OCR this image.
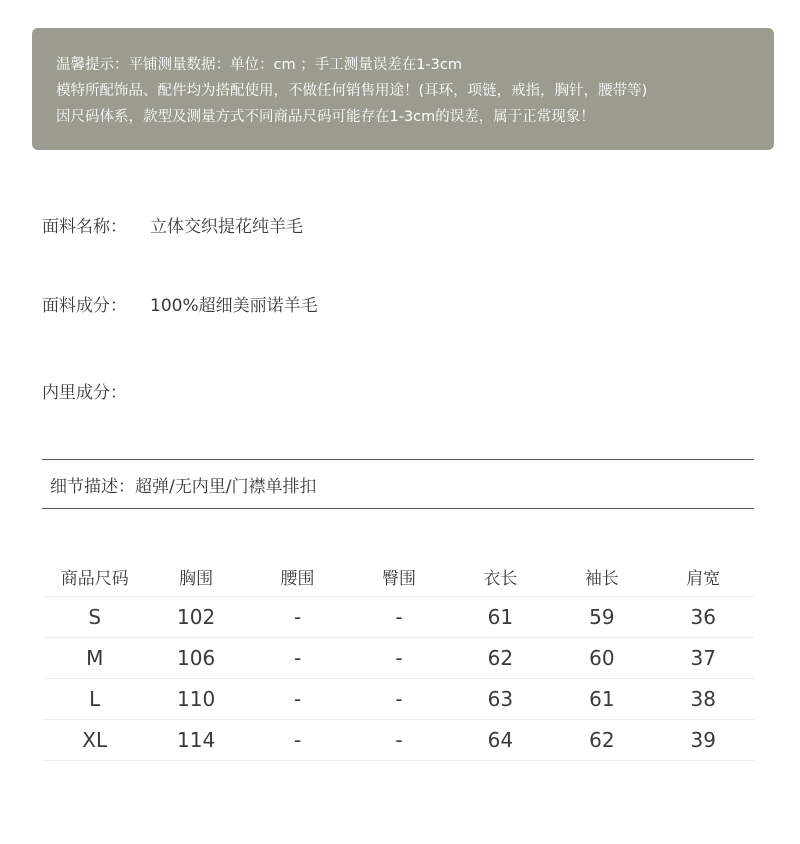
温馨提示：平铺测量数据：单位：cm ；手工测量误差在1-3cm
模特所配饰品、配件均为搭配使用，不做任何销售用途！(耳环，项链，戒指，胸针，腰带等)
因尺码体系，款型及测量方式不同商品尺码可能存在1-3cm的误差，属于正常现象！
面料名称： 立体交织提花纯羊毛
面料成分： 100%超细美丽诺羊毛
内里成分：
细节描述：超弹/无内里/门襟单排扣
商品尺码	胸围	腰围	臀围	衣长	袖长	肩宽
S	102	-	-	61	59	36
M	106	-	-	62	60	37
L	110	-	-	63	61	38
XL	114	-	-	64	62	39
